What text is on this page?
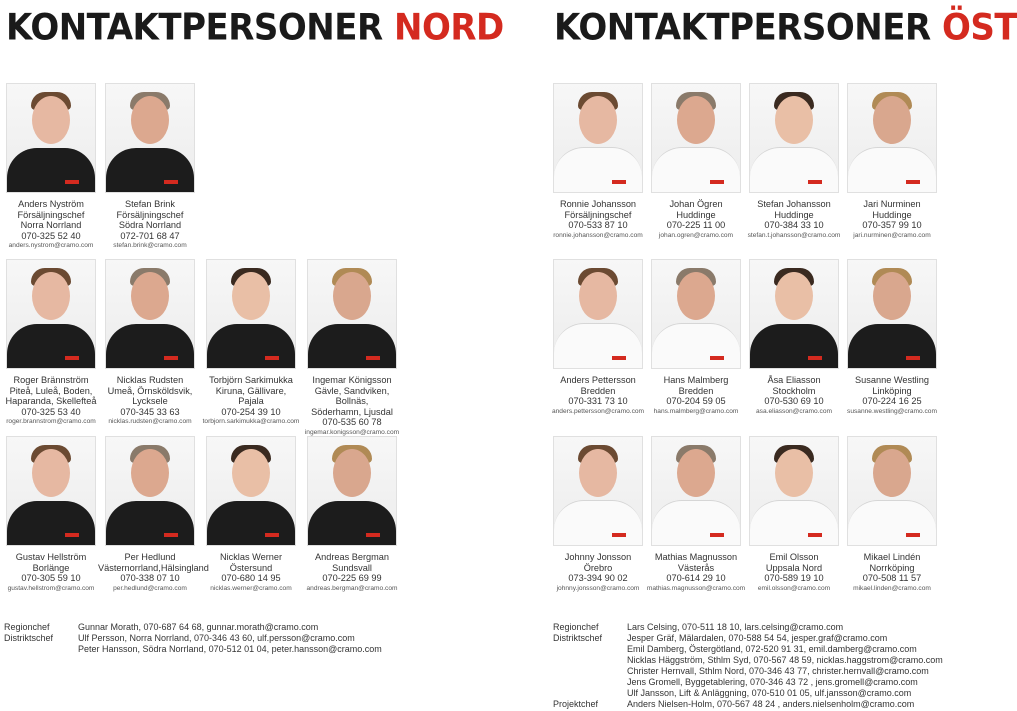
KONTAKTPERSONER NORD KONTAKTPERSONER ÖST
Anders Nyström
Försäljningschef
Norra Norrland
070-325 52 40
anders.nystrom@cramo.com
Stefan Brink
Försäljningschef
Södra Norrland
072-701 68 47
stefan.brink@cramo.com
Roger Brännström
Piteå, Luleå, Boden,
Haparanda, Skellefteå
070-325 53 40
roger.brannstrom@cramo.com
Nicklas Rudsten
Umeå, Örnsköldsvik,
Lycksele
070-345 33 63
nicklas.rudsten@cramo.com
Torbjörn Sarkimukka
Kiruna, Gällivare,
Pajala
070-254 39 10
torbjorn.sarkimukka@cramo.com
Ingemar Königsson
Gävle, Sandviken, Bollnäs,
Söderhamn, Ljusdal
070-535 60 78
ingemar.konigsson@cramo.com
Gustav Hellström
Borlänge
070-305 59 10
gustav.hellstrom@cramo.com
Per Hedlund
Västernorrland,Hälsingland
070-338 07 10
per.hedlund@cramo.com
Nicklas Werner
Östersund
070-680 14 95
nicklas.werner@cramo.com
Andreas Bergman
Sundsvall
070-225 69 99
andreas.bergman@cramo.com
Ronnie Johansson
Försäljningschef
070-533 87 10
ronnie.johansson@cramo.com
Johan Ögren
Huddinge
070-225 11 00
johan.ogren@cramo.com
Stefan Johansson
Huddinge
070-384 33 10
stefan.t.johansson@cramo.com
Jari Nurminen
Huddinge
070-357 99 10
jari.nurminen@cramo.com
Anders Pettersson
Bredden
070-331 73 10
anders.pettersson@cramo.com
Hans Malmberg
Bredden
070-204 59 05
hans.malmberg@cramo.com
Åsa Eliasson
Stockholm
070-530 69 10
asa.eliasson@cramo.com
Susanne Westling
Linköping
070-224 16 25
susanne.westling@cramo.com
Johnny Jonsson
Örebro
073-394 90 02
johnny.jonsson@cramo.com
Mathias Magnusson
Västerås
070-614 29 10
mathias.magnusson@cramo.com
Emil Olsson
Uppsala Nord
070-589 19 10
emil.olsson@cramo.com
Mikael Lindén
Norrköping
070-508 11 57
mikael.linden@cramo.com
Regionchef
Distriktschef
Gunnar Morath, 070-687 64 68, gunnar.morath@cramo.com
Ulf Persson, Norra Norrland, 070-346 43 60, ulf.persson@cramo.com
Peter Hansson, Södra Norrland, 070-512 01 04, peter.hansson@cramo.com
Regionchef
Distriktschef
Projektchef
Lars Celsing, 070-511 18 10, lars.celsing@cramo.com
Jesper Gräf, Mälardalen, 070-588 54 54, jesper.graf@cramo.com
Emil Damberg, Östergötland, 072-520 91 31, emil.damberg@cramo.com
Nicklas Häggström, Sthlm Syd, 070-567 48 59, nicklas.haggstrom@cramo.com
Christer Hernvall, Sthlm Nord, 070-346 43 77, christer.hernvall@cramo.com
Jens Gromell, Byggetablering, 070-346 43 72 , jens.gromell@cramo.com
Ulf Jansson, Lift & Anläggning, 070-510 01 05, ulf.jansson@cramo.com
Anders Nielsen-Holm, 070-567 48 24 , anders.nielsenholm@cramo.com
